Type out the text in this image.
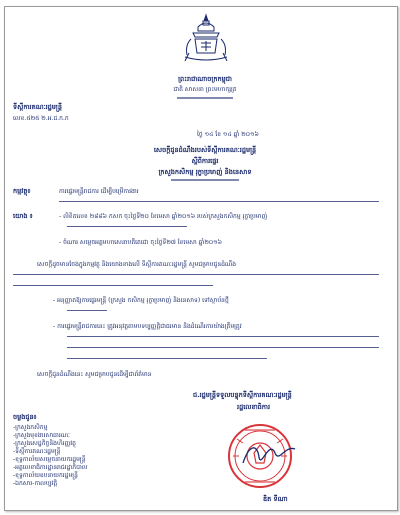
ព្រះរាជាណាចក្រកម្ពុជា
ជាតិ សាសនា ព្រះមហាក្សត្រ
ទីស្ដីការគណៈរដ្ឋមន្ត្រី
លេខ.៥២៥ ២.អ.ជ.ក.ក
ថ្ងៃ ១៤ ខែ ១៤ ឆ្នាំ ២០១៦
សេចក្ដីជូនដំណឹងរបស់ទីស្ដីការគណៈរដ្ឋមន្ត្រី
ស្ដីពីការផ្ទេរ
ក្រសួងកសិកម្ម រុក្ខាប្រមាញ់ និងនេសាទ
កម្មវត្ថុ៖	ការផ្ទេរមន្ត្រីរាជការ ដើម្បីបម្រើការងារ
យោង ៖	- លិខិតលេខ ២៨៨៦ កសក ចុះថ្ងៃទី២០ ខែមេសា ឆ្នាំ២០១៦ របស់ក្រសួងកសិកម្ម រុក្ខាប្រមាញ់
- ចំណារ សម្ដេចអគ្គមហាសេនាបតីតេជោ ចុះថ្ងៃទី២៧ ខែមេសា ឆ្នាំ២០១៦
សេចក្ដីដូចមានចែងក្នុងកម្មវត្ថុ និងយោងខាងលើ ទីស្ដីការគណៈរដ្ឋមន្ត្រី សូមជម្រាបជូនដំណឹង
- អនុញ្ញាតឱ្យការផ្ទេរមន្ត្រី (ក្រសួង កសិកម្ម រុក្ខាប្រមាញ់ និងនេសាទ) ទៅស្ថាប័នថ្មី
- ការផ្ទេរមន្ត្រីរាជការនេះ ត្រូវអនុវត្តតាមបទប្បញ្ញត្តិជាធរមាន និងដំណើរការយ៉ាងត្រឹមត្រូវ
សេចក្ដីជូនដំណឹងនេះ សូមជម្រាបជូនដើម្បីជាព័ត៌មាន
ជ.រដ្ឋមន្ត្រីទទួលបន្ទុកទីស្ដីការគណៈរដ្ឋមន្ត្រី
រដ្ឋលេខាធិការ
ឌិត ទីណា
ចម្លងជូន៖
-ក្រសួងកសិកម្ម
-ក្រសួងមុខងារសាធារណៈ
-ក្រសួងសេដ្ឋកិច្ចនិងហិរញ្ញវត្ថុ
-ទីស្ដីការគណៈរដ្ឋមន្ត្រី
-ខុទ្ទកាល័យសម្ដេចនាយករដ្ឋមន្ត្រី
-អគ្គលេខាធិការដ្ឋានរាជរដ្ឋាភិបាល
-ខុទ្ទកាល័យឧបនាយករដ្ឋមន្ត្រី
-ឯកសារ-កាលប្បវត្តិ
